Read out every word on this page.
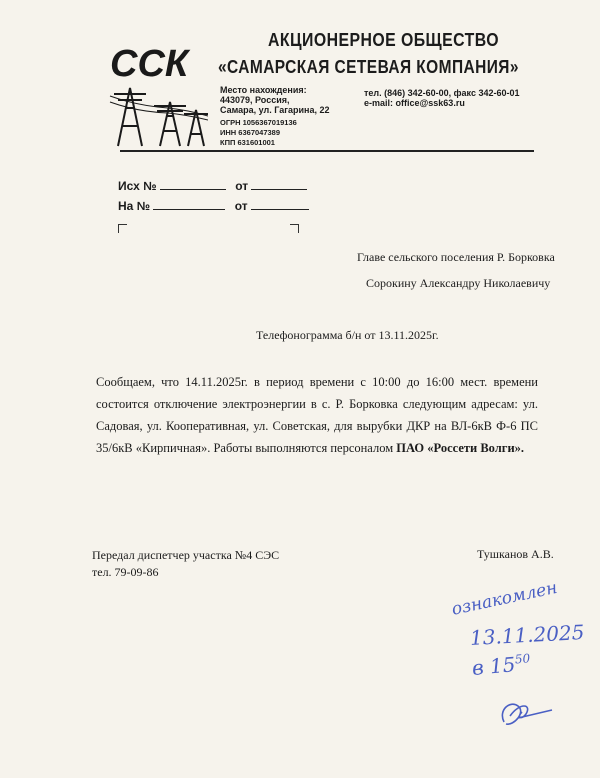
ССК
АКЦИОНЕРНОЕ ОБЩЕСТВО
«САМАРСКАЯ СЕТЕВАЯ КОМПАНИЯ»
Место нахождения:
443079, Россия,
Самара, ул. Гагарина, 22
ОГРН 1056367019136
ИНН 6367047389
КПП 631601001
тел. (846) 342-60-00, факс 342-60-01
e-mail: office@ssk63.ru
Исх №	от
На №	от
Главе сельского поселения Р. Борковка
Сорокину Александру Николаевичу
Телефонограмма б/н от 13.11.2025г.
Сообщаем, что 14.11.2025г. в период времени с 10:00 до 16:00 мест. времени состоится отключение электроэнергии в с. Р. Борковка следующим адресам: ул. Садовая, ул. Кооперативная, ул. Советская, для вырубки ДКР на ВЛ-6кВ Ф-6 ПС 35/6кВ «Кирпичная». Работы выполняются персоналом ПАО «Россети Волги».
Передал диспетчер участка №4 СЭС
тел. 79-09-86
Тушканов А.В.
ознакомлен
13.11.2025
в $15^{50}$
